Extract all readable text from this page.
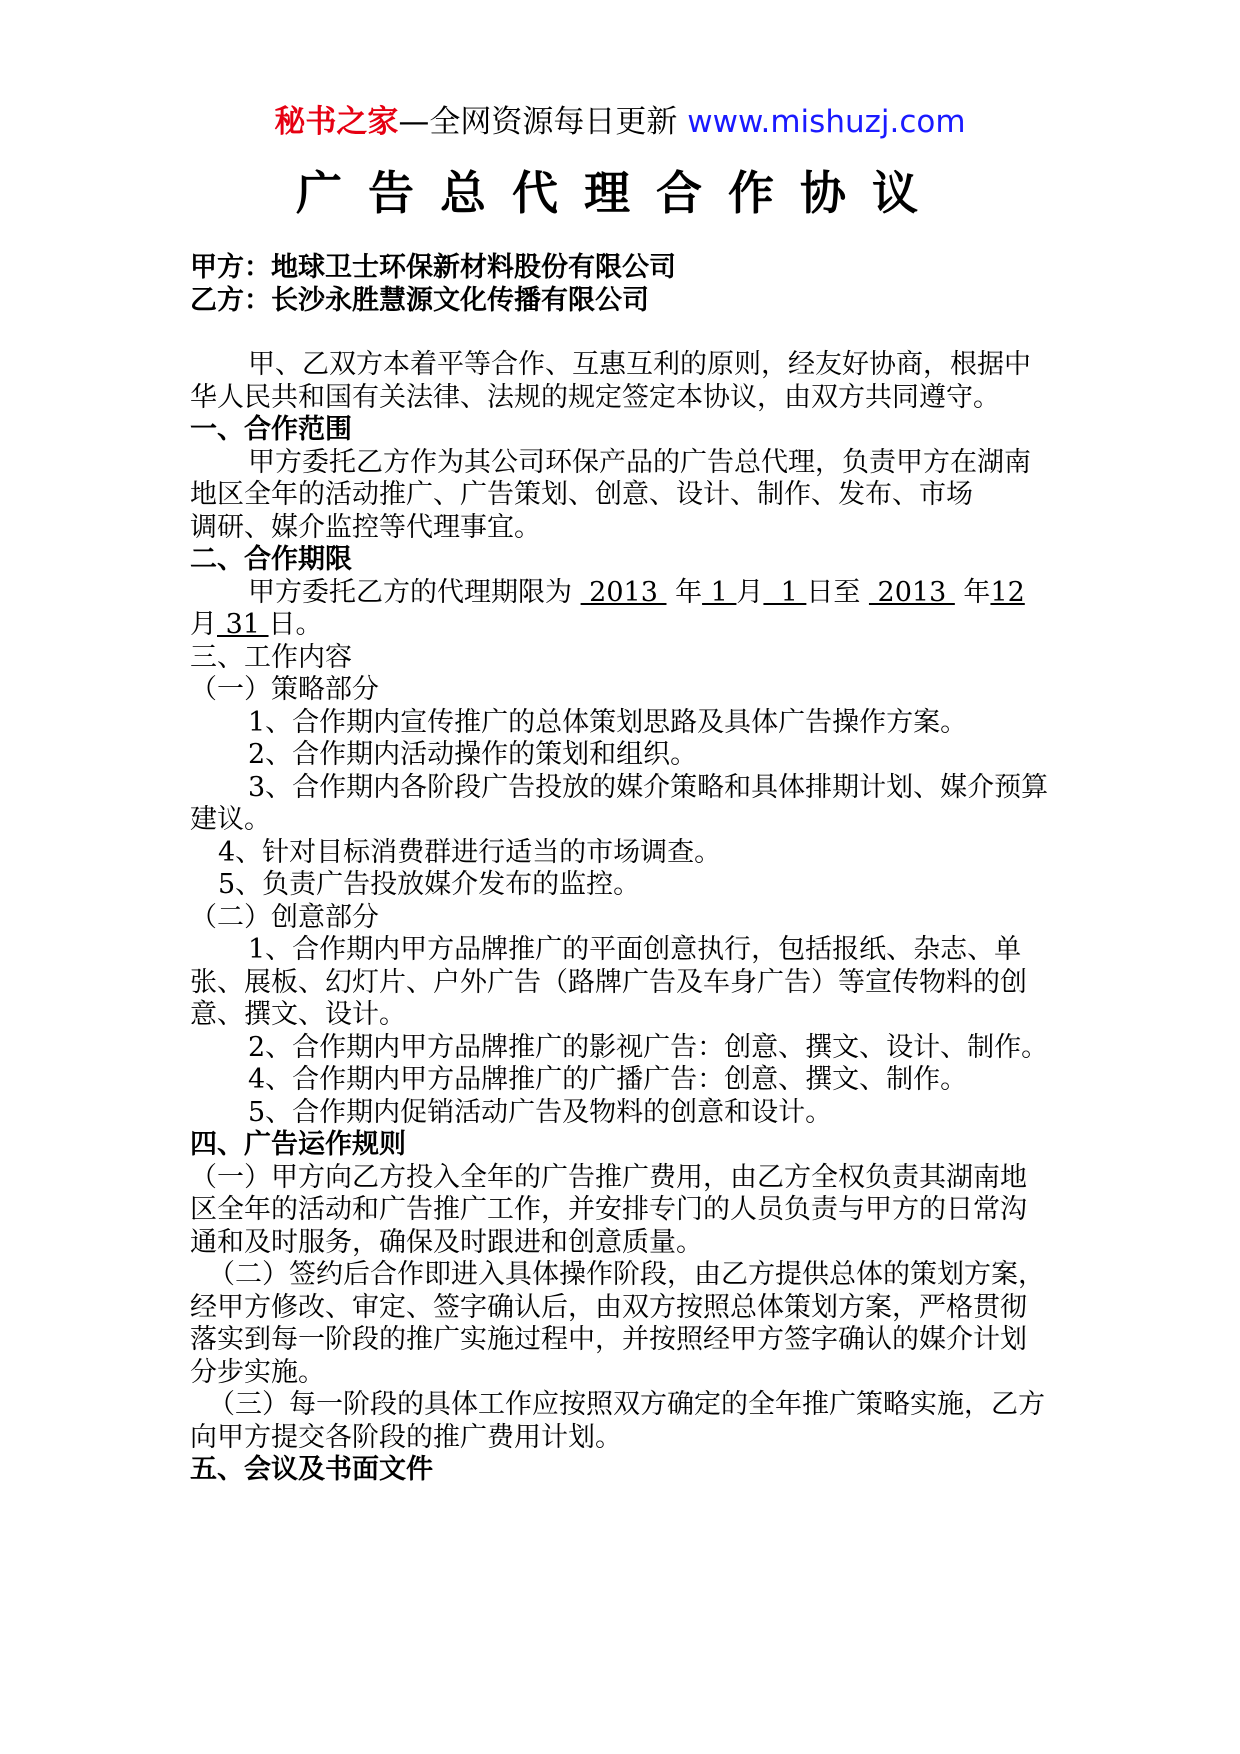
秘书之家—全网资源每日更新 www.mishuzj.com
广告总代理合作协议

甲方：地球卫士环保新材料股份有限公司

乙方：长沙永胜慧源文化传播有限公司

甲、乙双方本着平等合作、互惠互利的原则，经友好协商，根据中华人民共和国有关法律、法规的规定签定本协议，由双方共同遵守。

一、合作范围

甲方委托乙方作为其公司环保产品的广告总代理，负责甲方在湖南地区全年的活动推广、广告策划、创意、设计、制作、发布、市场

调研、媒介监控等代理事宜。

二、合作期限

甲方委托乙方的代理期限为  2013  年 1 月  1 日至  2013  年12 月 31 日。

三、工作内容

（一）策略部分

1、合作期内宣传推广的总体策划思路及具体广告操作方案。

2、合作期内活动操作的策划和组织。

3、合作期内各阶段广告投放的媒介策略和具体排期计划、媒介预算建议。

4、针对目标消费群进行适当的市场调查。

5、负责广告投放媒介发布的监控。

（二）创意部分

1、合作期内甲方品牌推广的平面创意执行，包括报纸、杂志、单张、展板、幻灯片、户外广告（路牌广告及车身广告）等宣传物料的创意、撰文、设计。

2、合作期内甲方品牌推广的影视广告：创意、撰文、设计、制作。

4、合作期内甲方品牌推广的广播广告：创意、撰文、制作。

5、合作期内促销活动广告及物料的创意和设计。

四、广告运作规则

（一）甲方向乙方投入全年的广告推广费用，由乙方全权负责其湖南地区全年的活动和广告推广工作，并安排专门的人员负责与甲方的日常沟通和及时服务，确保及时跟进和创意质量。

（二）签约后合作即进入具体操作阶段，由乙方提供总体的策划方案，经甲方修改、审定、签字确认后，由双方按照总体策划方案，严格贯彻落实到每一阶段的推广实施过程中，并按照经甲方签字确认的媒介计划分步实施。

（三）每一阶段的具体工作应按照双方确定的全年推广策略实施，乙方向甲方提交各阶段的推广费用计划。

五、会议及书面文件
